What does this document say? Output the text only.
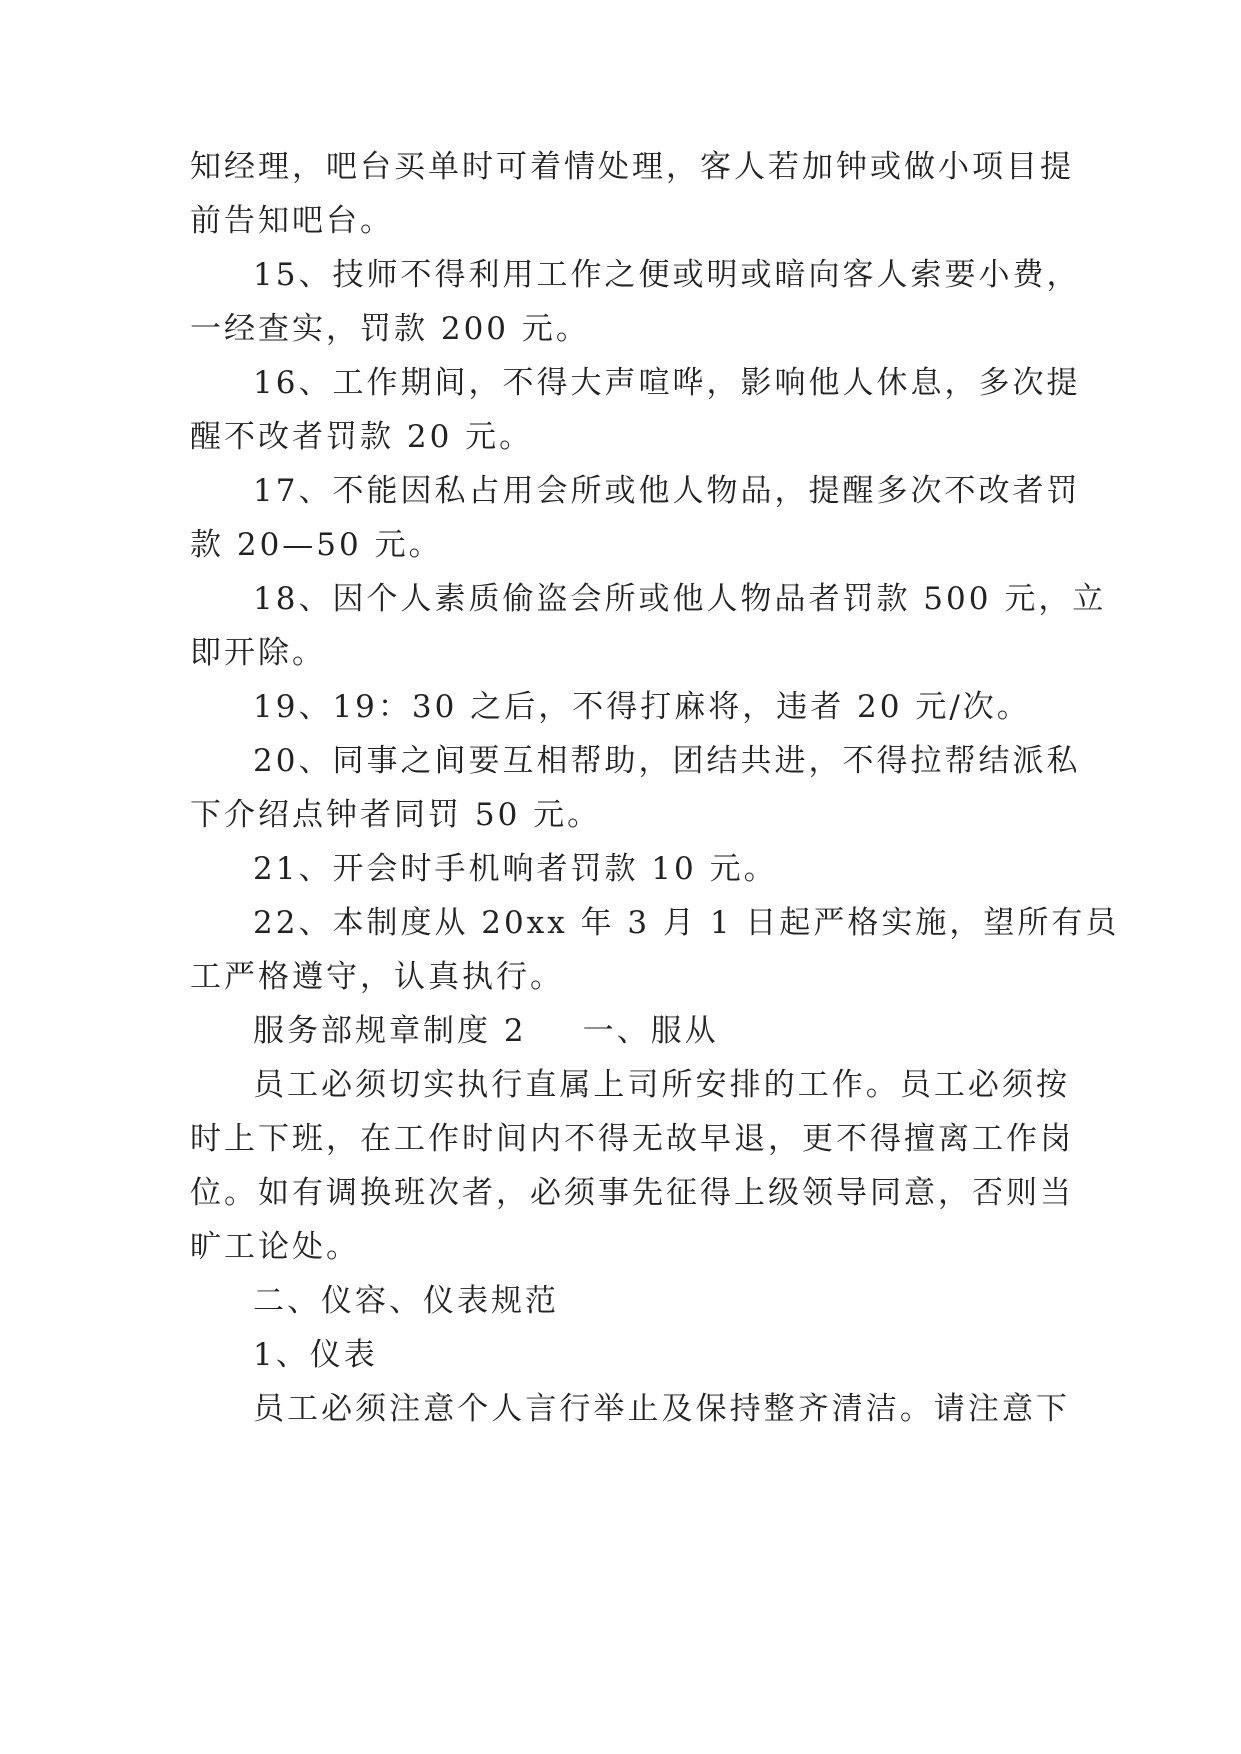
知经理，吧台买单时可着情处理，客人若加钟或做小项目提
前告知吧台。
15、技师不得利用工作之便或明或暗向客人索要小费，
一经查实，罚款 200 元。
16、工作期间，不得大声喧哗，影响他人休息，多次提
醒不改者罚款 20 元。
17、不能因私占用会所或他人物品，提醒多次不改者罚
款 20—50 元。
18、因个人素质偷盗会所或他人物品者罚款 500 元，立
即开除。
19、19：30 之后，不得打麻将，违者 20 元/次。
20、同事之间要互相帮助，团结共进，不得拉帮结派私
下介绍点钟者同罚 50 元。
21、开会时手机响者罚款 10 元。
22、本制度从 20xx 年 3 月 1 日起严格实施，望所有员
工严格遵守，认真执行。
服务部规章制度 2 一、服从
员工必须切实执行直属上司所安排的工作。员工必须按
时上下班，在工作时间内不得无故早退，更不得擅离工作岗
位。如有调换班次者，必须事先征得上级领导同意，否则当
旷工论处。
二、仪容、仪表规范
1、仪表
员工必须注意个人言行举止及保持整齐清洁。请注意下
